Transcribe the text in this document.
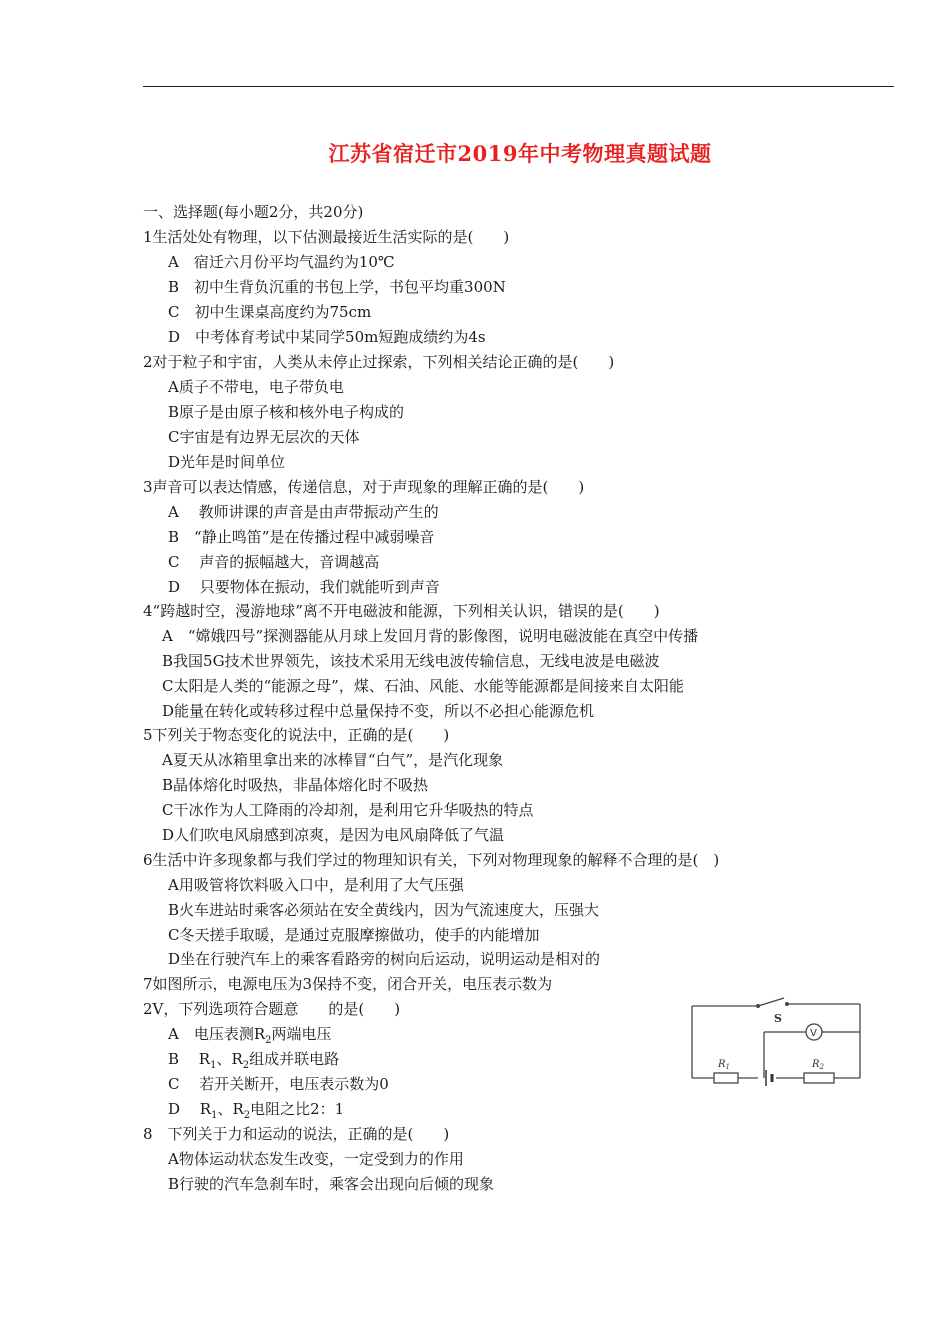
江苏省宿迁市2019年中考物理真题试题
一、选择题(每小题2分，共20分)
1生活处处有物理，以下估测最接近生活实际的是(　　)
A　宿迁六月份平均气温约为10℃
B　初中生背负沉重的书包上学，书包平均重300N
C　初中生课桌高度约为75cm
D　中考体育考试中某同学50m短跑成绩约为4s
2对于粒子和宇宙，人类从未停止过探索，下列相关结论正确的是(　　)
A质子不带电，电子带负电
B原子是由原子核和核外电子构成的
C宇宙是有边界无层次的天体
D光年是时间单位
3声音可以表达情感，传递信息，对于声现象的理解正确的是(　　)
A　 教师讲课的声音是由声带振动产生的
B　“静止鸣笛”是在传播过程中减弱噪音
C　 声音的振幅越大，音调越高
D　 只要物体在振动，我们就能听到声音
4“跨越时空，漫游地球”离不开电磁波和能源，下列相关认识，错误的是(　　)
A　“嫦娥四号”探测器能从月球上发回月背的影像图，说明电磁波能在真空中传播
B我国5G技术世界领先，该技术采用无线电波传输信息，无线电波是电磁波
C太阳是人类的“能源之母”，煤、石油、风能、水能等能源都是间接来自太阳能
D能量在转化或转移过程中总量保持不变，所以不必担心能源危机
5下列关于物态变化的说法中，正确的是(　　)
A夏天从冰箱里拿出来的冰棒冒“白气”，是汽化现象
B晶体熔化时吸热，非晶体熔化时不吸热
C干冰作为人工降雨的冷却剂，是利用它升华吸热的特点
D人们吹电风扇感到凉爽，是因为电风扇降低了气温
6生活中许多现象都与我们学过的物理知识有关，下列对物理现象的解释不合理的是(　)
A用吸管将饮料吸入口中，是利用了大气压强
B火车进站时乘客必须站在安全黄线内，因为气流速度大，压强大
C冬天搓手取暖，是通过克服摩擦做功，使手的内能增加
D坐在行驶汽车上的乘客看路旁的树向后运动，说明运动是相对的
7如图所示，电源电压为3保持不变，闭合开关，电压表示数为
2V，下列选项符合题意　　的是(　　)
A　电压表测$R_2$两端电压
B　 $R_1$、$R_2$组成并联电路
C　 若开关断开，电压表示数为0
D　 $R_1$、$R_2$电阻之比2：1
S
V
$R_1$	$R_2$
8　下列关于力和运动的说法，正确的是(　　)
A物体运动状态发生改变，一定受到力的作用
B行驶的汽车急刹车时，乘客会出现向后倾的现象
